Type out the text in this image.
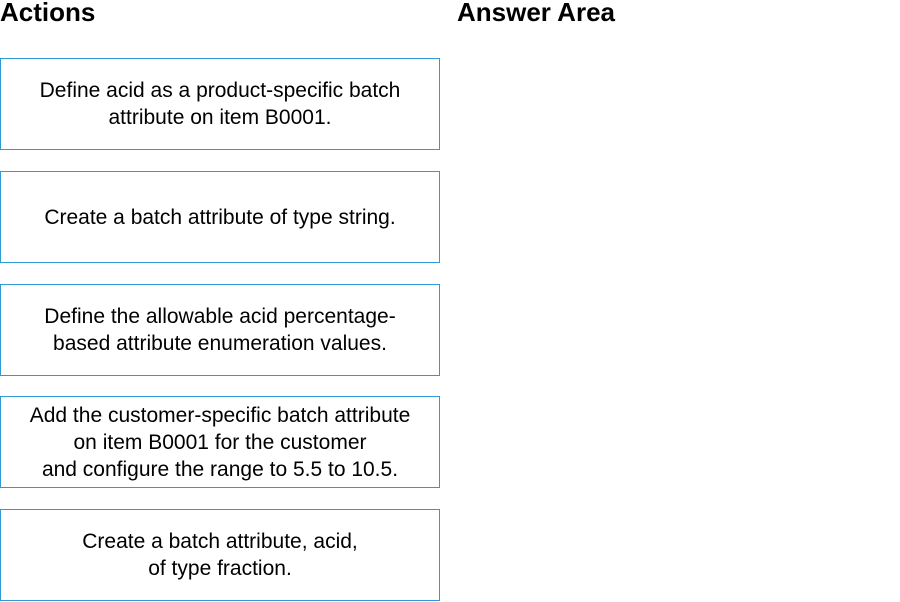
Actions	Answer Area
Define acid as a product-specific batch
attribute on item B0001.
Create a batch attribute of type string.
Define the allowable acid percentage-
based attribute enumeration values.
Add the customer-specific batch attribute
on item B0001 for the customer
and configure the range to 5.5 to 10.5.
Create a batch attribute, acid,
of type fraction.
